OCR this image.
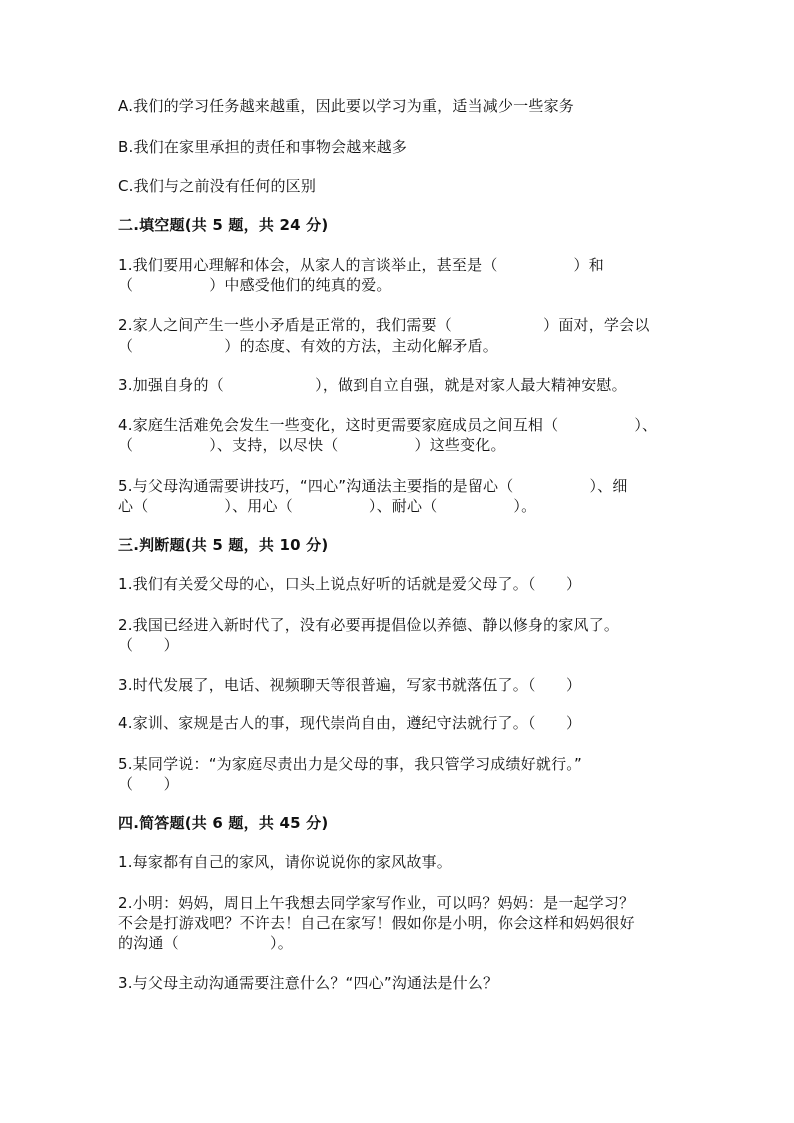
A.我们的学习任务越来越重，因此要以学习为重，适当减少一些家务
B.我们在家里承担的责任和事物会越来越多
C.我们与之前没有任何的区别
二.填空题(共 5 题，共 24 分)
1.我们要用心理解和体会，从家人的言谈举止，甚至是（　　　　　）和
（　　　　　）中感受他们的纯真的爱。
2.家人之间产生一些小矛盾是正常的，我们需要（　　　　　　）面对，学会以
（　　　　　　）的态度、有效的方法，主动化解矛盾。
3.加强自身的（　　　　　　），做到自立自强，就是对家人最大精神安慰。
4.家庭生活难免会发生一些变化，这时更需要家庭成员之间互相（　　　　　）、
（　　　　　）、支持，以尽快（　　　　　）这些变化。
5.与父母沟通需要讲技巧，“四心”沟通法主要指的是留心（　　　　　）、细
心（　　　　　）、用心（　　　　　）、耐心（　　　　　）。
三.判断题(共 5 题，共 10 分)
1.我们有关爱父母的心，口头上说点好听的话就是爱父母了。（　　）
2.我国已经进入新时代了，没有必要再提倡俭以养德、静以修身的家风了。
（　　）
3.时代发展了，电话、视频聊天等很普遍，写家书就落伍了。（　　）
4.家训、家规是古人的事，现代崇尚自由，遵纪守法就行了。（　　）
5.某同学说：“为家庭尽责出力是父母的事，我只管学习成绩好就行。”
（　　）
四.简答题(共 6 题，共 45 分)
1.每家都有自己的家风，请你说说你的家风故事。
2.小明：妈妈，周日上午我想去同学家写作业，可以吗？妈妈：是一起学习？
不会是打游戏吧？不许去！自己在家写！假如你是小明，你会这样和妈妈很好
的沟通（　　　　　　）。
3.与父母主动沟通需要注意什么？“四心”沟通法是什么？
